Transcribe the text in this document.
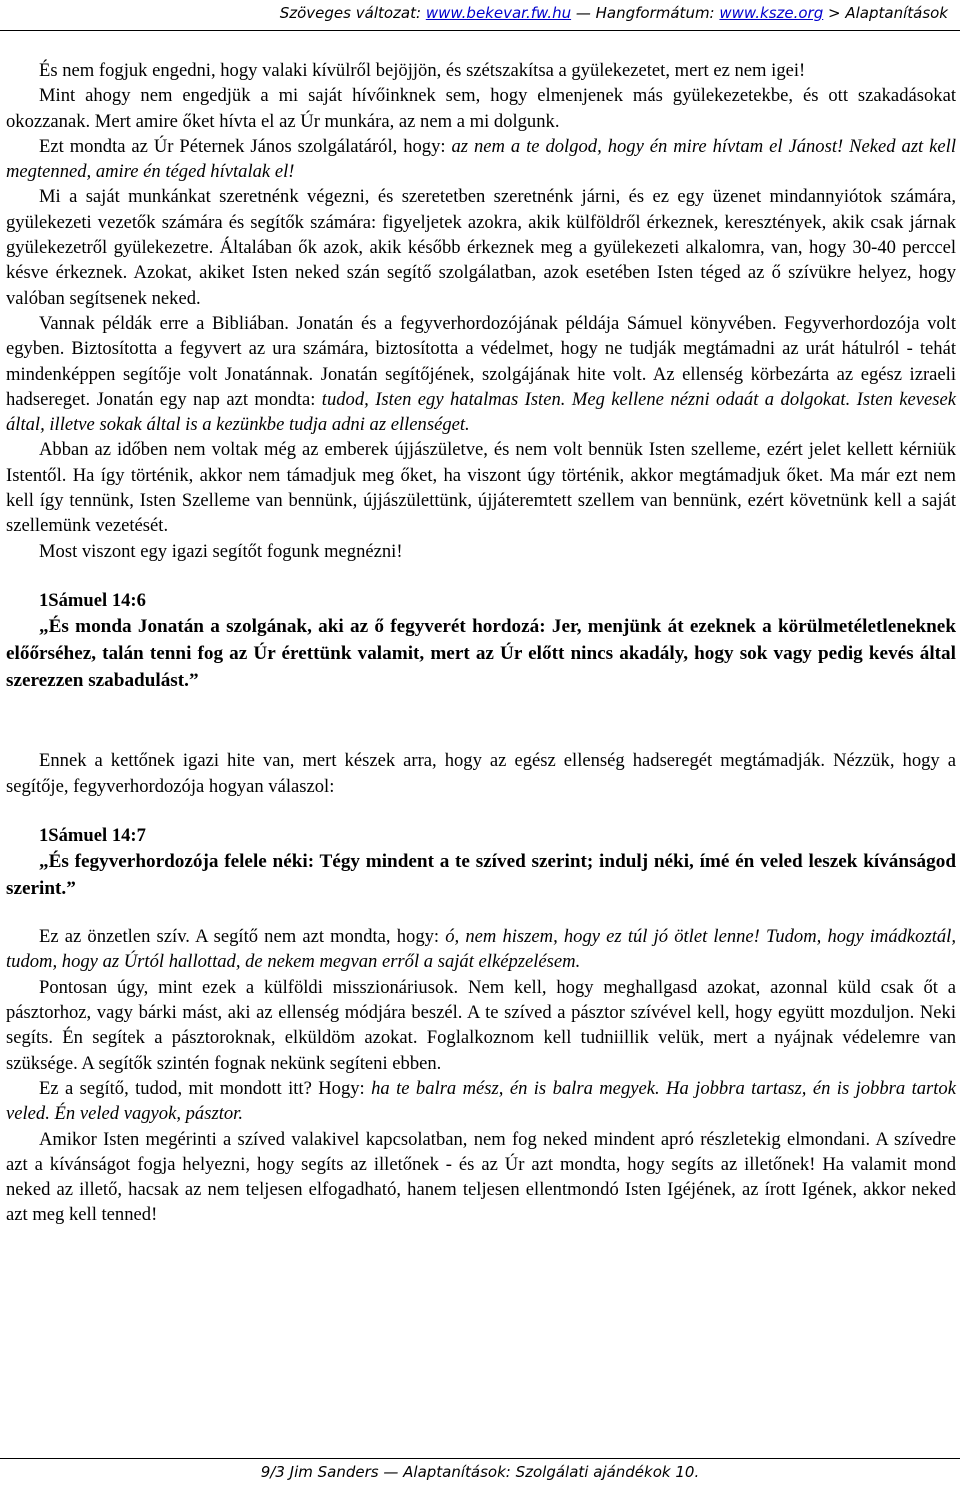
Szöveges változat: www.bekevar.fw.hu — Hangformátum: www.ksze.org > Alaptanítások

És nem fogjuk engedni, hogy valaki kívülről bejöjjön, és szétszakítsa a gyülekezetet, mert ez nem igei!

Mint ahogy nem engedjük a mi saját hívőinknek sem, hogy elmenjenek más gyülekezetekbe, és ott szakadásokat okozzanak. Mert amire őket hívta el az Úr munkára, az nem a mi dolgunk.

Ezt mondta az Úr Péternek János szolgálatáról, hogy: az nem a te dolgod, hogy én mire hívtam el Jánost! Neked azt kell megtenned, amire én téged hívtalak el!

Mi a saját munkánkat szeretnénk végezni, és szeretetben szeretnénk járni, és ez egy üzenet mindannyiótok számára, gyülekezeti vezetők számára és segítők számára: figyeljetek azokra, akik külföldről érkeznek, keresztények, akik csak járnak gyülekezetről gyülekezetre. Általában ők azok, akik később érkeznek meg a gyülekezeti alkalomra, van, hogy 30-40 perccel késve érkeznek. Azokat, akiket Isten neked szán segítő szolgálatban, azok esetében Isten téged az ő szívükre helyez, hogy valóban segítsenek neked.

Vannak példák erre a Bibliában. Jonatán és a fegyverhordozójának példája Sámuel könyvében. Fegyverhordozója volt egyben. Biztosította a fegyvert az ura számára, biztosította a védelmet, hogy ne tudják megtámadni az urát hátulról - tehát mindenképpen segítője volt Jonatánnak. Jonatán segítőjének, szolgájának hite volt. Az ellenség körbezárta az egész izraeli hadsereget. Jonatán egy nap azt mondta: tudod, Isten egy hatalmas Isten. Meg kellene nézni odaát a dolgokat. Isten kevesek által, illetve sokak által is a kezünkbe tudja adni az ellenséget.

Abban az időben nem voltak még az emberek újjászületve, és nem volt bennük Isten szelleme, ezért jelet kellett kérniük Istentől. Ha így történik, akkor nem támadjuk meg őket, ha viszont úgy történik, akkor megtámadjuk őket. Ma már ezt nem kell így tennünk, Isten Szelleme van bennünk, újjászülettünk, újjáteremtett szellem van bennünk, ezért követnünk kell a saját szellemünk vezetését.

Most viszont egy igazi segítőt fogunk megnézni!

1Sámuel 14:6

„És monda Jonatán a szolgának, aki az ő fegyverét hordozá: Jer, menjünk át ezeknek a körülmetéletleneknek előőrséhez, talán tenni fog az Úr érettünk valamit, mert az Úr előtt nincs akadály, hogy sok vagy pedig kevés által szerezzen szabadulást.”

Ennek a kettőnek igazi hite van, mert készek arra, hogy az egész ellenség hadseregét megtámadják. Nézzük, hogy a segítője, fegyverhordozója hogyan válaszol:

1Sámuel 14:7

„És fegyverhordozója felele néki: Tégy mindent a te szíved szerint; indulj néki, ímé én veled leszek kívánságod szerint.”

Ez az önzetlen szív. A segítő nem azt mondta, hogy: ó, nem hiszem, hogy ez túl jó ötlet lenne! Tudom, hogy imádkoztál, tudom, hogy az Úrtól hallottad, de nekem megvan erről a saját elképzelésem.

Pontosan úgy, mint ezek a külföldi misszionáriusok. Nem kell, hogy meghallgasd azokat, azonnal küld csak őt a pásztorhoz, vagy bárki mást, aki az ellenség módjára beszél. A te szíved a pásztor szívével kell, hogy együtt mozduljon. Neki segíts. Én segítek a pásztoroknak, elküldöm azokat. Foglalkoznom kell tudniillik velük, mert a nyájnak védelemre van szüksége. A segítők szintén fognak nekünk segíteni ebben.

Ez a segítő, tudod, mit mondott itt? Hogy: ha te balra mész, én is balra megyek. Ha jobbra tartasz, én is jobbra tartok veled. Én veled vagyok, pásztor.

Amikor Isten megérinti a szíved valakivel kapcsolatban, nem fog neked mindent apró részletekig elmondani. A szívedre azt a kívánságot fogja helyezni, hogy segíts az illetőnek - és az Úr azt mondta, hogy segíts az illetőnek! Ha valamit mond neked az illető, hacsak az nem teljesen elfogadható, hanem teljesen ellentmondó Isten Igéjének, az írott Igének, akkor neked azt meg kell tenned!

9/3 Jim Sanders — Alaptanítások: Szolgálati ajándékok 10.
